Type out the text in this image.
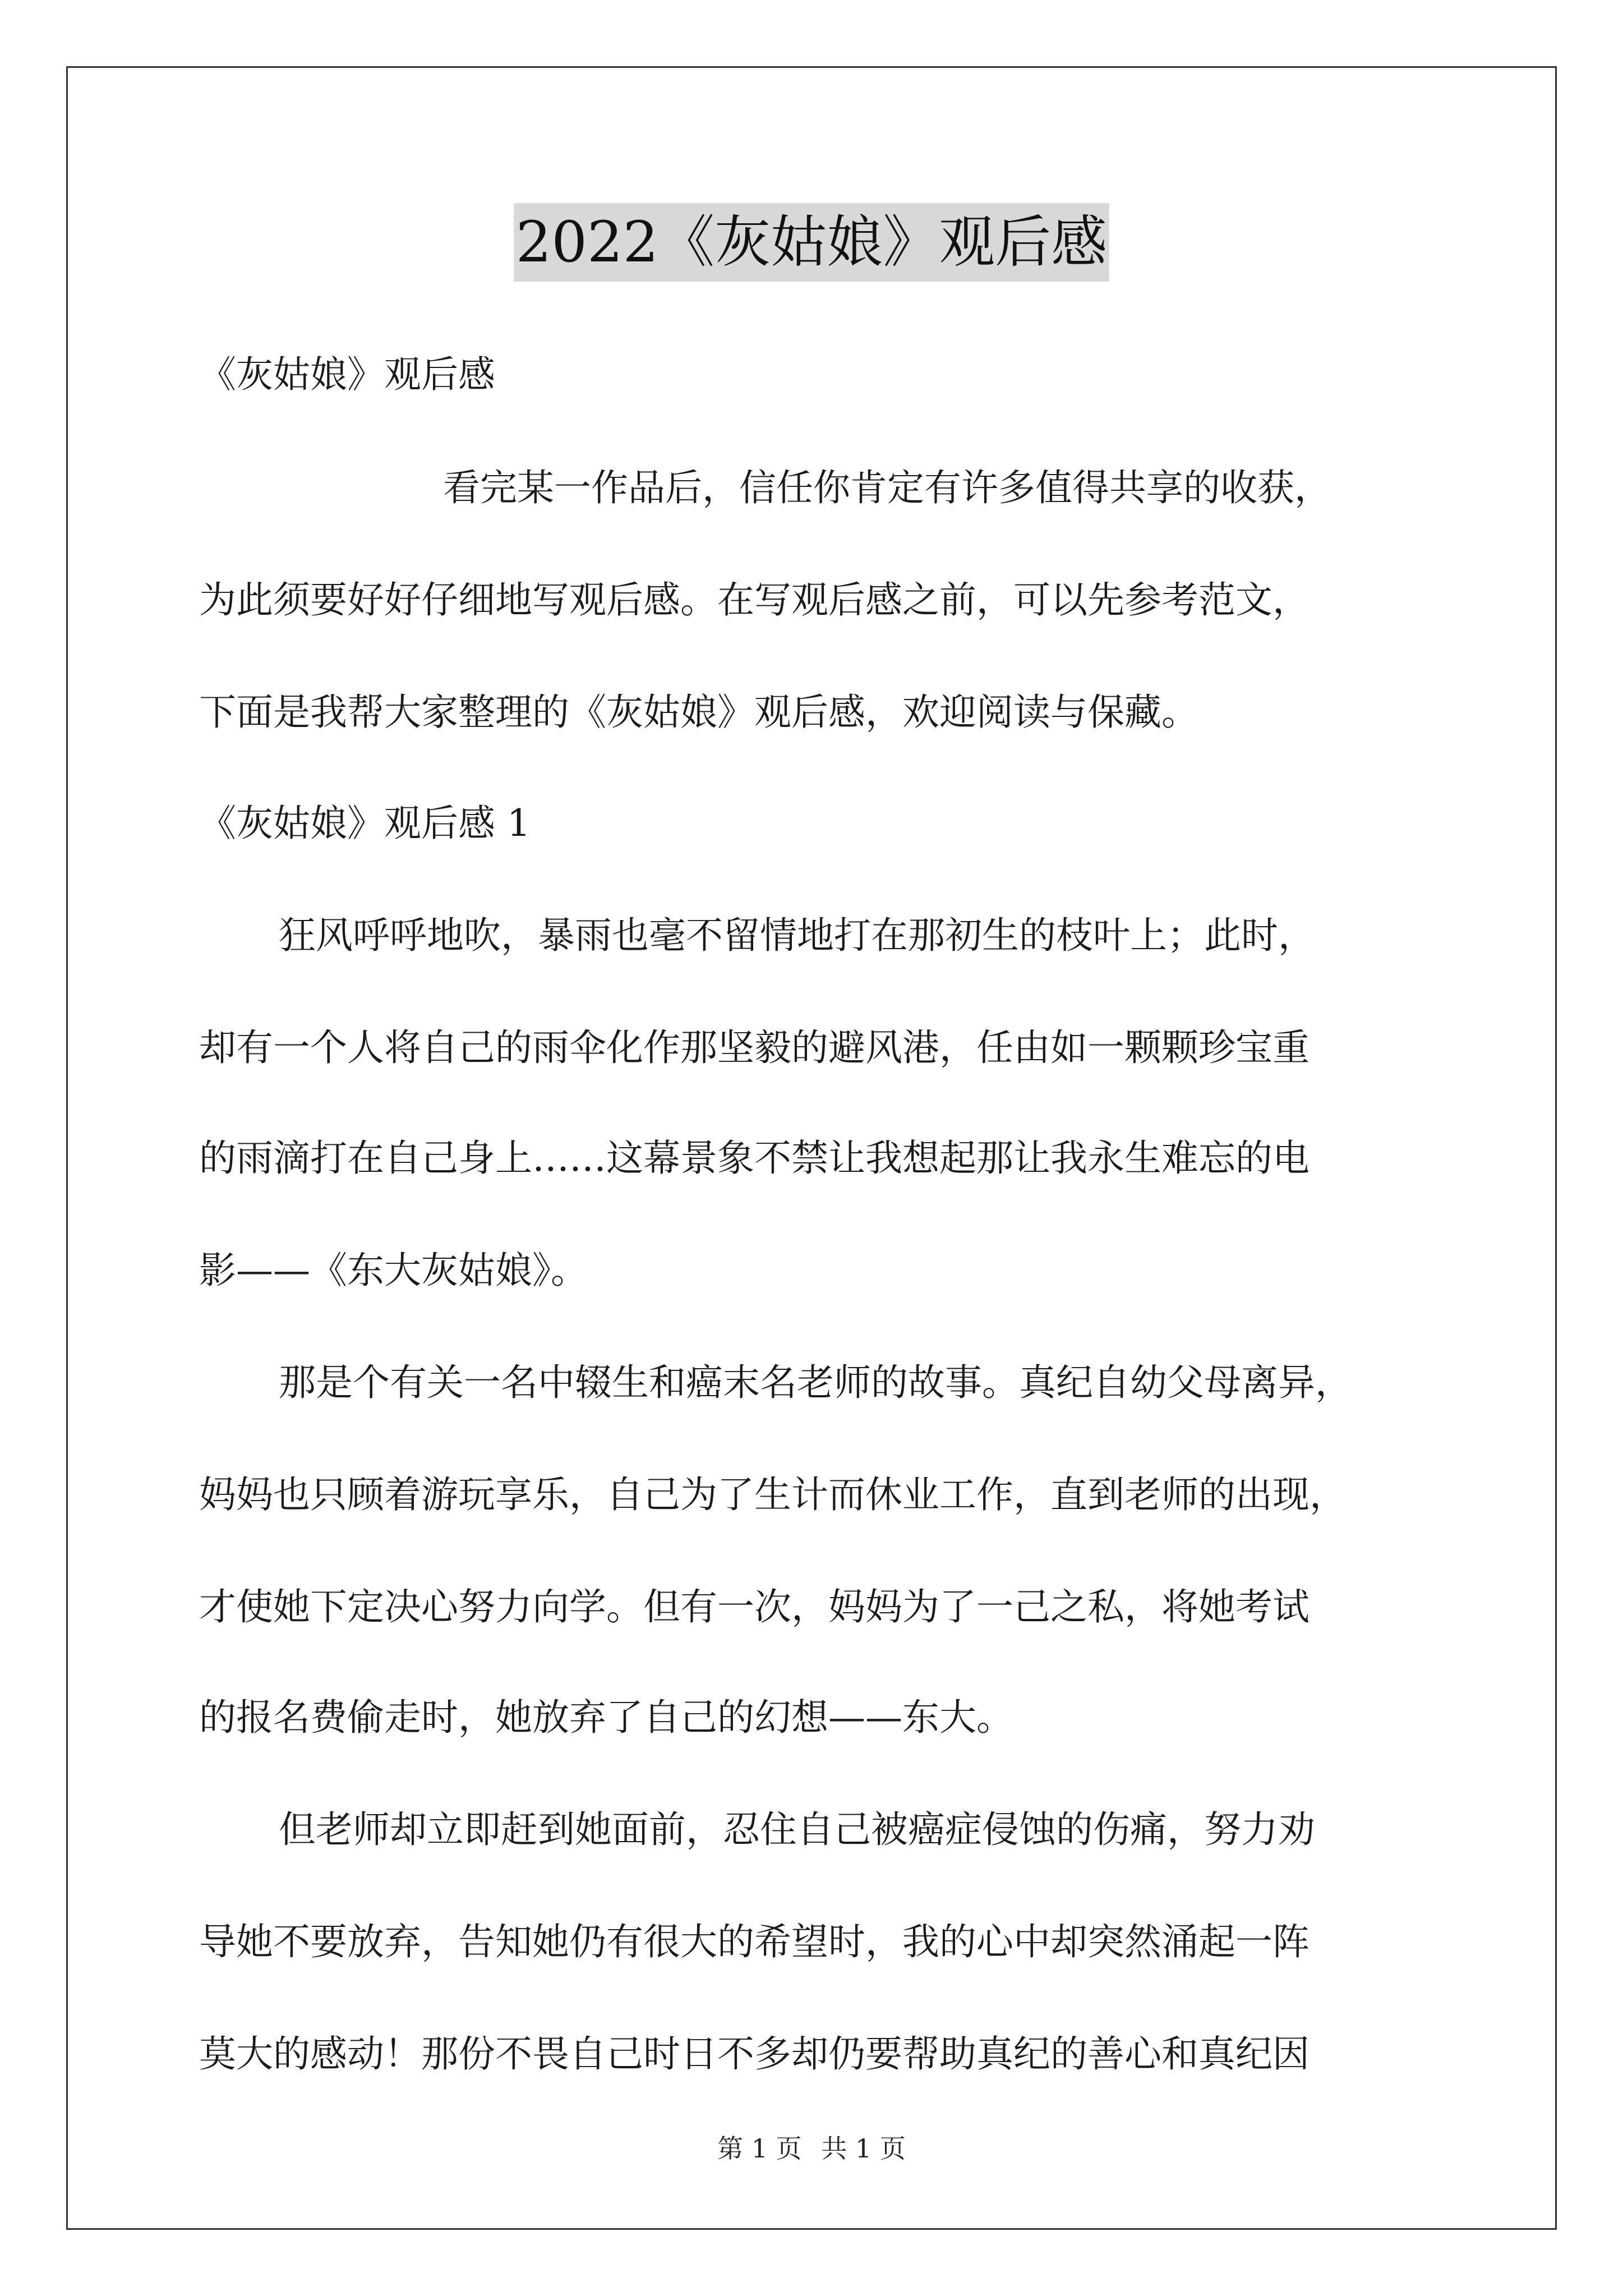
2022《灰姑娘》观后感
《灰姑娘》观后感
看完某一作品后，信任你肯定有许多值得共享的收获，
为此须要好好仔细地写观后感。在写观后感之前，可以先参考范文，
下面是我帮大家整理的《灰姑娘》观后感，欢迎阅读与保藏。
《灰姑娘》观后感 1
狂风呼呼地吹，暴雨也毫不留情地打在那初生的枝叶上；此时，
却有一个人将自己的雨伞化作那坚毅的避风港，任由如一颗颗珍宝重
的雨滴打在自己身上……这幕景象不禁让我想起那让我永生难忘的电
影——《东大灰姑娘》。
那是个有关一名中辍生和癌末名老师的故事。真纪自幼父母离异，
妈妈也只顾着游玩享乐，自己为了生计而休业工作，直到老师的出现，
才使她下定决心努力向学。但有一次，妈妈为了一己之私，将她考试
的报名费偷走时，她放弃了自己的幻想——东大。
但老师却立即赶到她面前，忍住自己被癌症侵蚀的伤痛，努力劝
导她不要放弃，告知她仍有很大的希望时，我的心中却突然涌起一阵
莫大的感动！那份不畏自己时日不多却仍要帮助真纪的善心和真纪因
第 1 页 共 1 页
